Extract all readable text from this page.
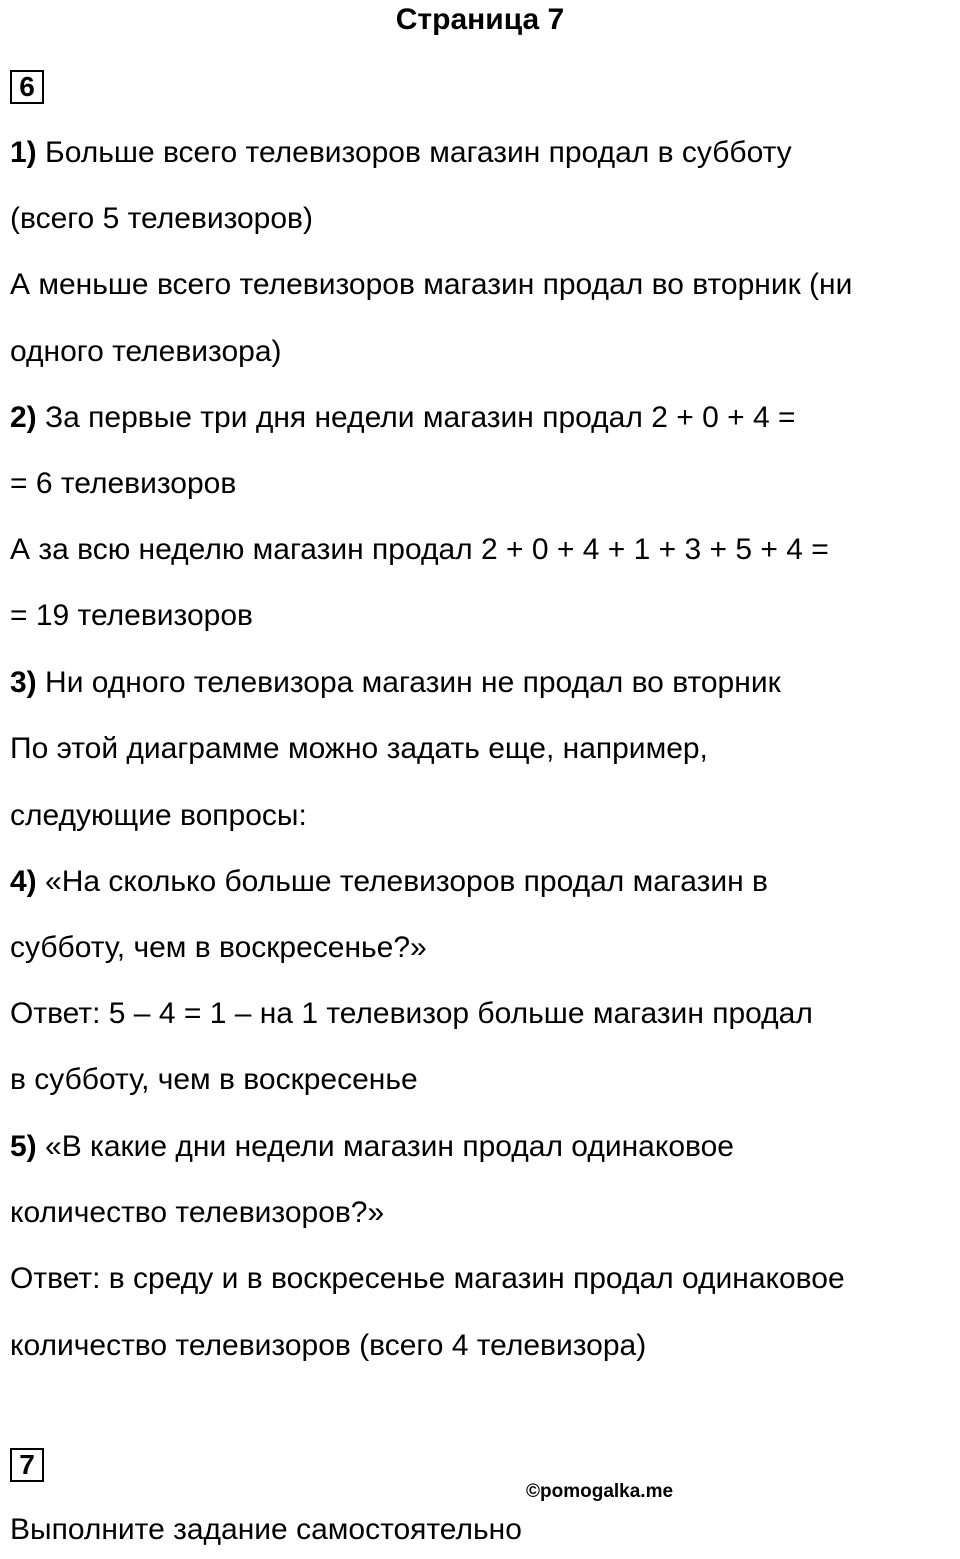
Страница 7
6
1) Больше всего телевизоров магазин продал в субботу
(всего 5 телевизоров)
А меньше всего телевизоров магазин продал во вторник (ни
одного телевизора)
2) За первые три дня недели магазин продал 2 + 0 + 4 =
= 6 телевизоров
А за всю неделю магазин продал 2 + 0 + 4 + 1 + 3 + 5 + 4 =
= 19 телевизоров
3) Ни одного телевизора магазин не продал во вторник
По этой диаграмме можно задать еще, например,
следующие вопросы:
4) «На сколько больше телевизоров продал магазин в
субботу, чем в воскресенье?»
Ответ: 5 – 4 = 1 – на 1 телевизор больше магазин продал
в субботу, чем в воскресенье
5) «В какие дни недели магазин продал одинаковое
количество телевизоров?»
Ответ: в среду и в воскресенье магазин продал одинаковое
количество телевизоров (всего 4 телевизора)
7
©pomogalka.me
Выполните задание самостоятельно
